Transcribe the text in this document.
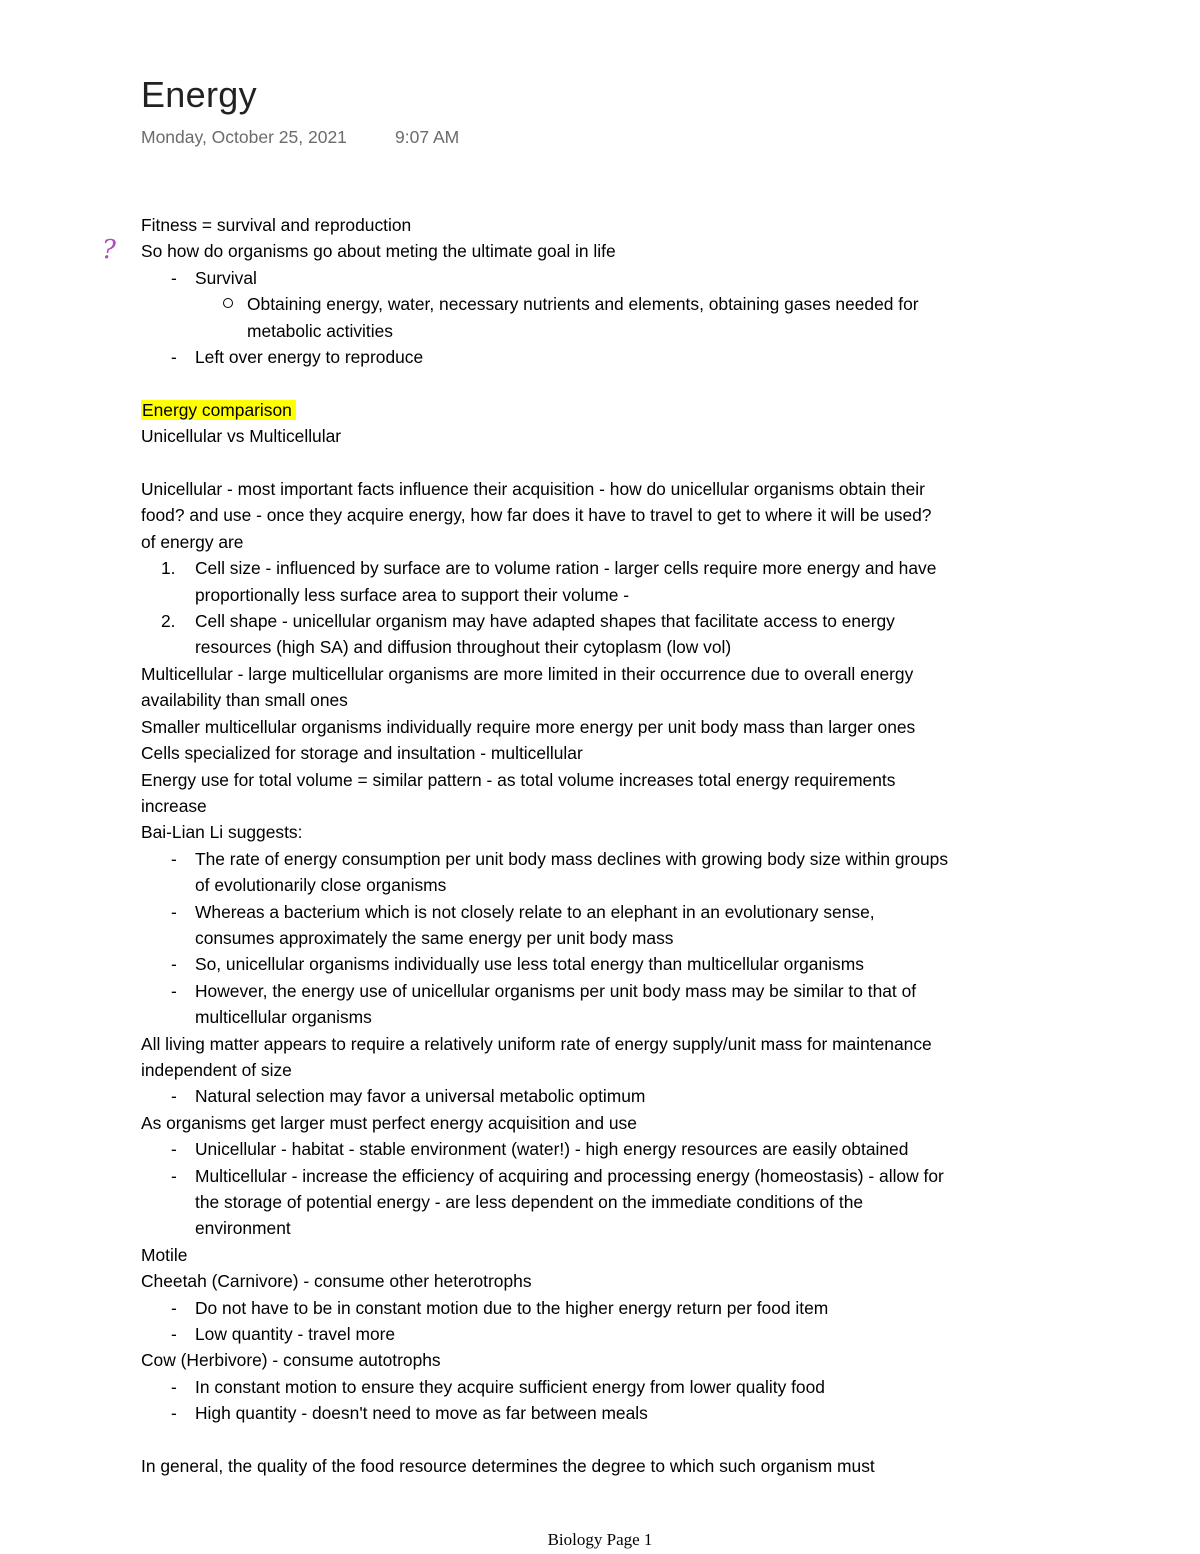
Energy
Monday, October 25, 2021	9:07 AM
?
Fitness = survival and reproduction
So how do organisms go about meting the ultimate goal in life
- Survival
Obtaining energy, water, necessary nutrients and elements, obtaining gases needed for
metabolic activities
- Left over energy to reproduce
Energy comparison
Unicellular vs Multicellular
Unicellular - most important facts influence their acquisition - how do unicellular organisms obtain their
food? and use - once they acquire energy, how far does it have to travel to get to where it will be used?
of energy are
1. Cell size - influenced by surface are to volume ration - larger cells require more energy and have
proportionally less surface area to support their volume -
2. Cell shape - unicellular organism may have adapted shapes that facilitate access to energy
resources (high SA) and diffusion throughout their cytoplasm (low vol)
Multicellular - large multicellular organisms are more limited in their occurrence due to overall energy
availability than small ones
Smaller multicellular organisms individually require more energy per unit body mass than larger ones
Cells specialized for storage and insultation - multicellular
Energy use for total volume = similar pattern - as total volume increases total energy requirements
increase
Bai-Lian Li suggests:
- The rate of energy consumption per unit body mass declines with growing body size within groups
of evolutionarily close organisms
- Whereas a bacterium which is not closely relate to an elephant in an evolutionary sense,
consumes approximately the same energy per unit body mass
- So, unicellular organisms individually use less total energy than multicellular organisms
- However, the energy use of unicellular organisms per unit body mass may be similar to that of
multicellular organisms
All living matter appears to require a relatively uniform rate of energy supply/unit mass for maintenance
independent of size
- Natural selection may favor a universal metabolic optimum
As organisms get larger must perfect energy acquisition and use
- Unicellular - habitat - stable environment (water!) - high energy resources are easily obtained
- Multicellular - increase the efficiency of acquiring and processing energy (homeostasis) - allow for
the storage of potential energy - are less dependent on the immediate conditions of the
environment
Motile
Cheetah (Carnivore) - consume other heterotrophs
- Do not have to be in constant motion due to the higher energy return per food item
- Low quantity - travel more
Cow (Herbivore) - consume autotrophs
- In constant motion to ensure they acquire sufficient energy from lower quality food
- High quantity - doesn't need to move as far between meals
In general, the quality of the food resource determines the degree to which such organism must
Biology Page 1
